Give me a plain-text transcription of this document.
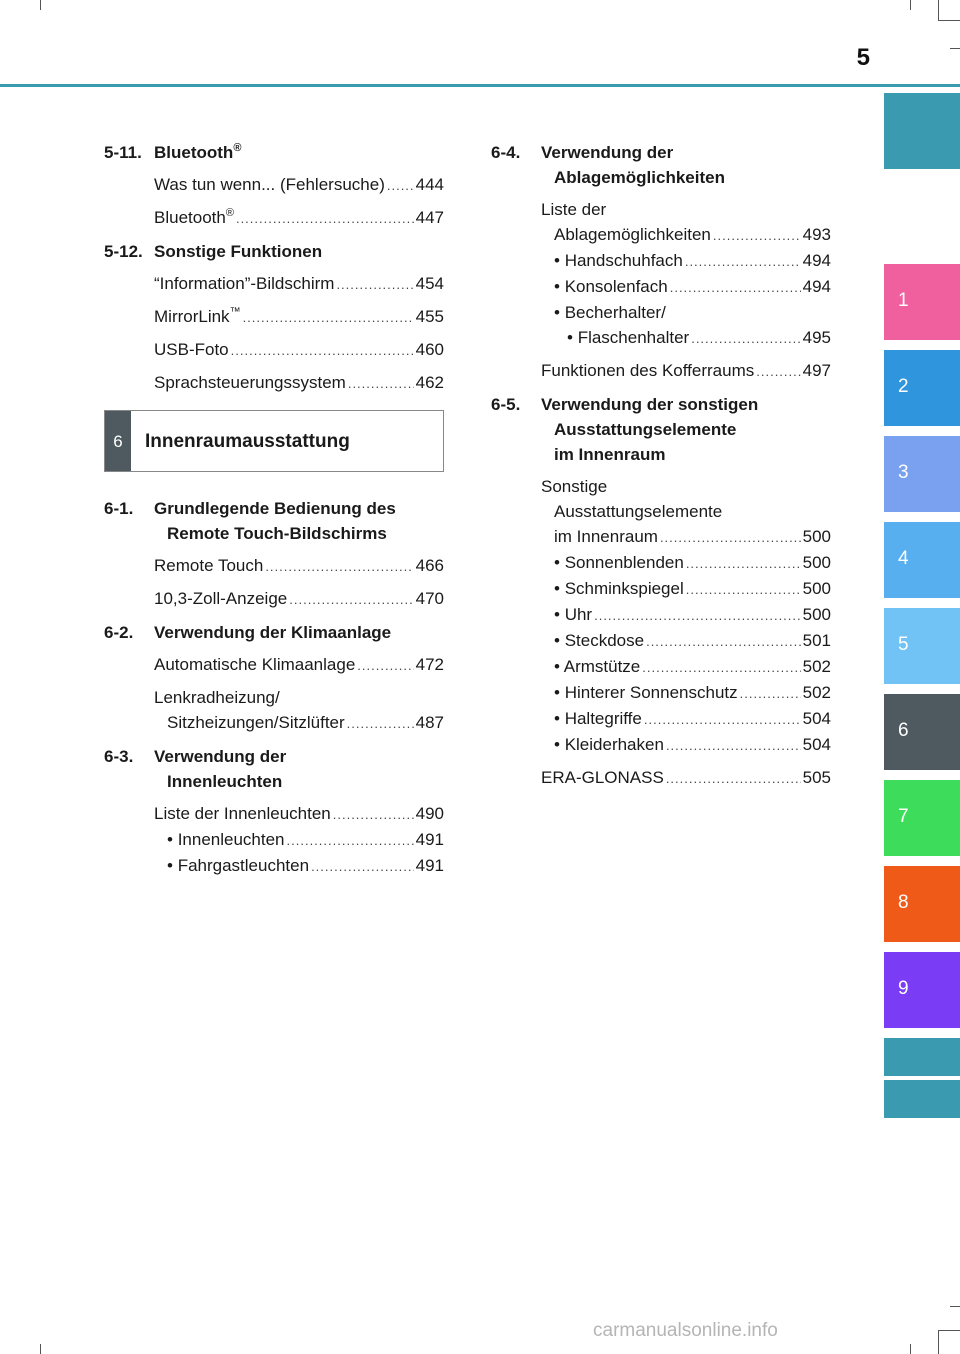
5
1
2
3
4
5
6
7
8
9
5-11. Bluetooth®
Was tun wenn... (Fehlersuche) ..... 444
Bluetooth® .....	447
5-12. Sonstige Funktionen
“Information”-Bildschirm .....	454
MirrorLink™ .....	455
USB-Foto .....	460
Sprachsteuerungssystem .....	462
6	Innenraumausstattung
6-1.	Grundlegende Bedienung des
Remote Touch-Bildschirms
Remote Touch .....	466
10,3-Zoll-Anzeige .....	470
6-2.	Verwendung der Klimaanlage
Automatische Klimaanlage .....	472
Lenkradheizung/
Sitzheizungen/Sitzlüfter .....	487
6-3.	Verwendung der
Innenleuchten
Liste der Innenleuchten .....	490
• Innenleuchten .....	491
• Fahrgastleuchten .....	491
6-4.	Verwendung der
Ablagemöglichkeiten
Liste der
Ablagemöglichkeiten .....	493
• Handschuhfach .....	494
• Konsolenfach .....	494
• Becherhalter/
• Flaschenhalter .....	495
Funktionen des Kofferraums .....	497
6-5.	Verwendung der sonstigen
Ausstattungselemente
im Innenraum
Sonstige
Ausstattungselemente
im Innenraum .....	500
• Sonnenblenden .....	500
• Schminkspiegel .....	500
• Uhr .....	500
• Steckdose .....	501
• Armstütze .....	502
• Hinterer Sonnenschutz .....	502
• Haltegriffe .....	504
• Kleiderhaken .....	504
ERA-GLONASS .....	505
carmanualsonline.info
